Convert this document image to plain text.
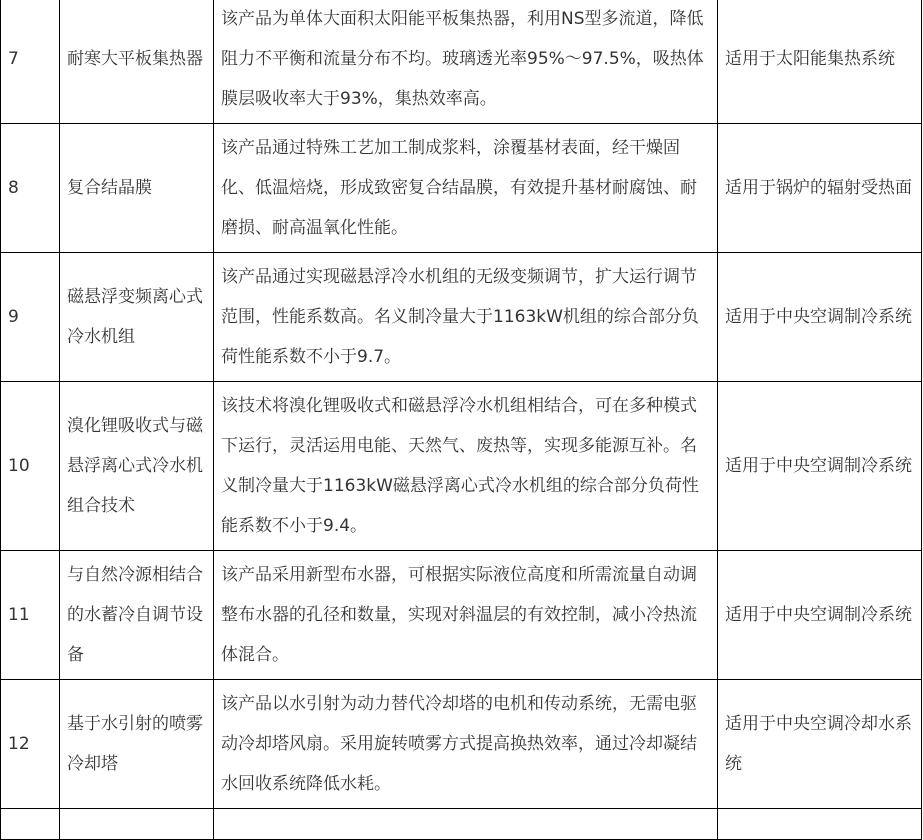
7	耐寒大平板集热器	该产品为单体大面积太阳能平板集热器，利用NS型多流道，降低阻力不平衡和流量分布不均。玻璃透光率95%～97.5%，吸热体膜层吸收率大于93%，集热效率高。	适用于太阳能集热系统
8	复合结晶膜	该产品通过特殊工艺加工制成浆料，涂覆基材表面，经干燥固化、低温焙烧，形成致密复合结晶膜，有效提升基材耐腐蚀、耐磨损、耐高温氧化性能。	适用于锅炉的辐射受热面
9	磁悬浮变频离心式冷水机组	该产品通过实现磁悬浮冷水机组的无级变频调节，扩大运行调节范围，性能系数高。名义制冷量大于1163kW机组的综合部分负荷性能系数不小于9.7。	适用于中央空调制冷系统
10	溴化锂吸收式与磁悬浮离心式冷水机组合技术	该技术将溴化锂吸收式和磁悬浮冷水机组相结合，可在多种模式下运行，灵活运用电能、天然气、废热等，实现多能源互补。名义制冷量大于1163kW磁悬浮离心式冷水机组的综合部分负荷性能系数不小于9.4。	适用于中央空调制冷系统
11	与自然冷源相结合的水蓄冷自调节设备	该产品采用新型布水器，可根据实际液位高度和所需流量自动调整布水器的孔径和数量，实现对斜温层的有效控制，减小冷热流体混合。	适用于中央空调制冷系统
12	基于水引射的喷雾冷却塔	该产品以水引射为动力替代冷却塔的电机和传动系统，无需电驱动冷却塔风扇。采用旋转喷雾方式提高换热效率，通过冷却凝结水回收系统降低水耗。	适用于中央空调冷却水系统
